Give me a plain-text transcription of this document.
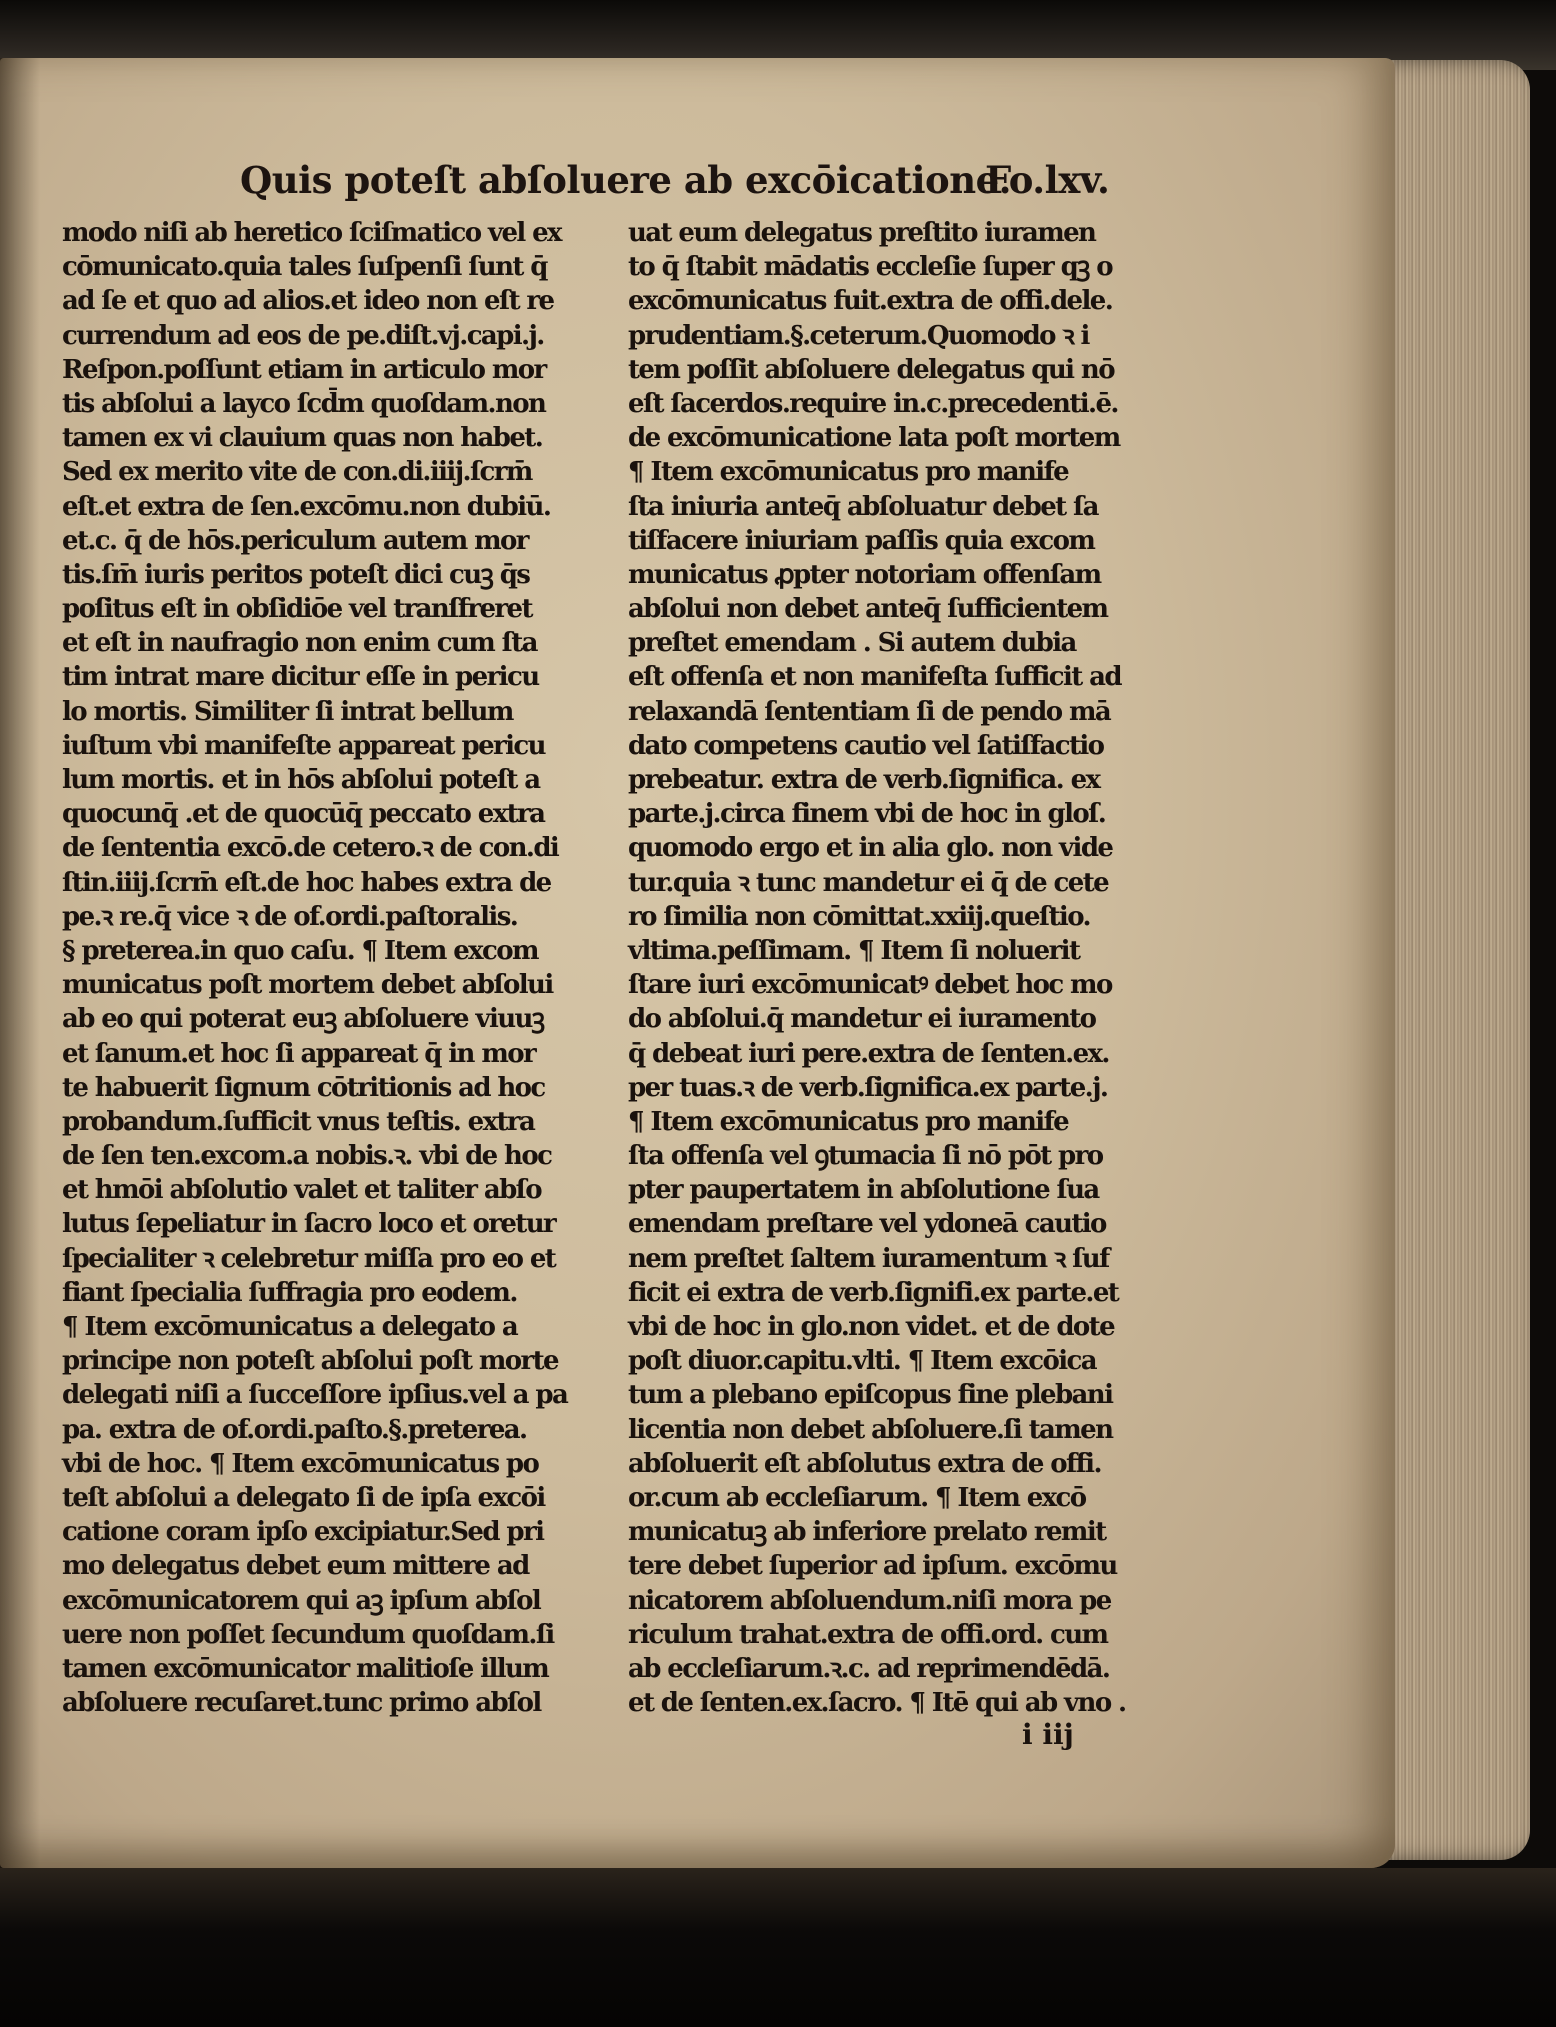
Quis poteſt abſoluere ab excōicatione.
Fo.lxv.
modo niſi ab heretico ſciſmatico vel ex
cōmunicato.quia tales ſuſpenſi ſunt q̄
ad ſe et quo ad alios.et ideo non eſt re
currendum ad eos de pe.diſt.vj.capi.j.
Reſpon.poſſunt etiam in articulo mor
tis abſolui a layco ſcd̄m quoſdam.non
tamen ex vi clauium quas non habet.
Sed ex merito vite de con.di.iiij.ſcrm̄
eſt.et extra de ſen.excōmu.non dubiū.
et.c. q̄ de hōs.periculum autem mor
tis.ſm̄ iuris peritos poteſt dici cuꝫ q̄s
poſitus eſt in obſidiōe vel tranſfreret
et eſt in naufragio non enim cum ſta
tim intrat mare dicitur eſſe in pericu
lo mortis. Similiter ſi intrat bellum
iuſtum vbi manifeſte appareat pericu
lum mortis. et in hōs abſolui poteſt a
quocunq̄ .et de quocūq̄ peccato extra
de ſententia excō.de cetero.ꝛ de con.di
ſtin.iiij.ſcrm̄ eſt.de hoc habes extra de
pe.ꝛ re.q̄ vice ꝛ de of.ordi.paſtoralis.
§ preterea.in quo caſu. ¶ Item excom
municatus poſt mortem debet abſolui
ab eo qui poterat euꝫ abſoluere viuuꝫ
et ſanum.et hoc ſi appareat q̄ in mor
te habuerit ſignum cōtritionis ad hoc
probandum.ſufficit vnus teſtis. extra
de ſen ten.excom.a nobis.ꝛ. vbi de hoc
et hmōi abſolutio valet et taliter abſo
lutus ſepeliatur in ſacro loco et oretur
ſpecialiter ꝛ celebretur miſſa pro eo et
fiant ſpecialia ſuffragia pro eodem.
¶ Item excōmunicatus a delegato a
principe non poteſt abſolui poſt morte
delegati niſi a ſucceſſore ipſius.vel a pa
pa. extra de of.ordi.paſto.§.preterea.
vbi de hoc. ¶ Item excōmunicatus po
teſt abſolui a delegato ſi de ipſa excōi
catione coram ipſo excipiatur.Sed pri
mo delegatus debet eum mittere ad
excōmunicatorem qui aꝫ ipſum abſol
uere non poſſet ſecundum quoſdam.ſi
tamen excōmunicator malitioſe illum
abſoluere recuſaret.tunc primo abſol
uat eum delegatus preſtito iuramen
to q̄ ſtabit mādatis eccleſie ſuper qꝫ o
excōmunicatus fuit.extra de offi.dele.
prudentiam.§.ceterum.Quomodo ꝛ i
tem poſſit abſoluere delegatus qui nō
eſt ſacerdos.require in.c.precedenti.ē.
de excōmunicatione lata poſt mortem
¶ Item excōmunicatus pro manife
ſta iniuria anteq̄ abſoluatur debet ſa
tiſfacere iniuriam paſſis quia excom
municatus ꝓpter notoriam offenſam
abſolui non debet anteq̄ ſufficientem
preſtet emendam . Si autem dubia
eſt offenſa et non manifeſta ſufficit ad
relaxandā ſententiam ſi de pendo mā
dato competens cautio vel ſatiſfactio
prebeatur. extra de verb.ſignifica. ex
parte.j.circa finem vbi de hoc in gloſ.
quomodo ergo et in alia glo. non vide
tur.quia ꝛ tunc mandetur ei q̄ de cete
ro ſimilia non cōmittat.xxiij.queſtio.
vltima.peſſimam. ¶ Item ſi noluerit
ſtare iuri excōmunicatꝰ debet hoc mo
do abſolui.q̄ mandetur ei iuramento
q̄ debeat iuri pere.extra de ſenten.ex.
per tuas.ꝛ de verb.ſignifica.ex parte.j.
¶ Item excōmunicatus pro manife
ſta offenſa vel ꝯtumacia ſi nō pōt pro
pter paupertatem in abſolutione ſua
emendam preſtare vel ydoneā cautio
nem preſtet ſaltem iuramentum ꝛ ſuf
ficit ei extra de verb.ſignifi.ex parte.et
vbi de hoc in glo.non videt. et de dote
poſt diuor.capitu.vlti. ¶ Item excōica
tum a plebano epiſcopus fine plebani
licentia non debet abſoluere.ſi tamen
abſoluerit eſt abſolutus extra de offi.
or.cum ab eccleſiarum. ¶ Item excō
municatuꝫ ab inferiore prelato remit
tere debet ſuperior ad ipſum. excōmu
nicatorem abſoluendum.niſi mora pe
riculum trahat.extra de offi.ord. cum
ab eccleſiarum.ꝛ.c. ad reprimendēdā.
et de ſenten.ex.ſacro. ¶ Itē qui ab vno .
i iij
